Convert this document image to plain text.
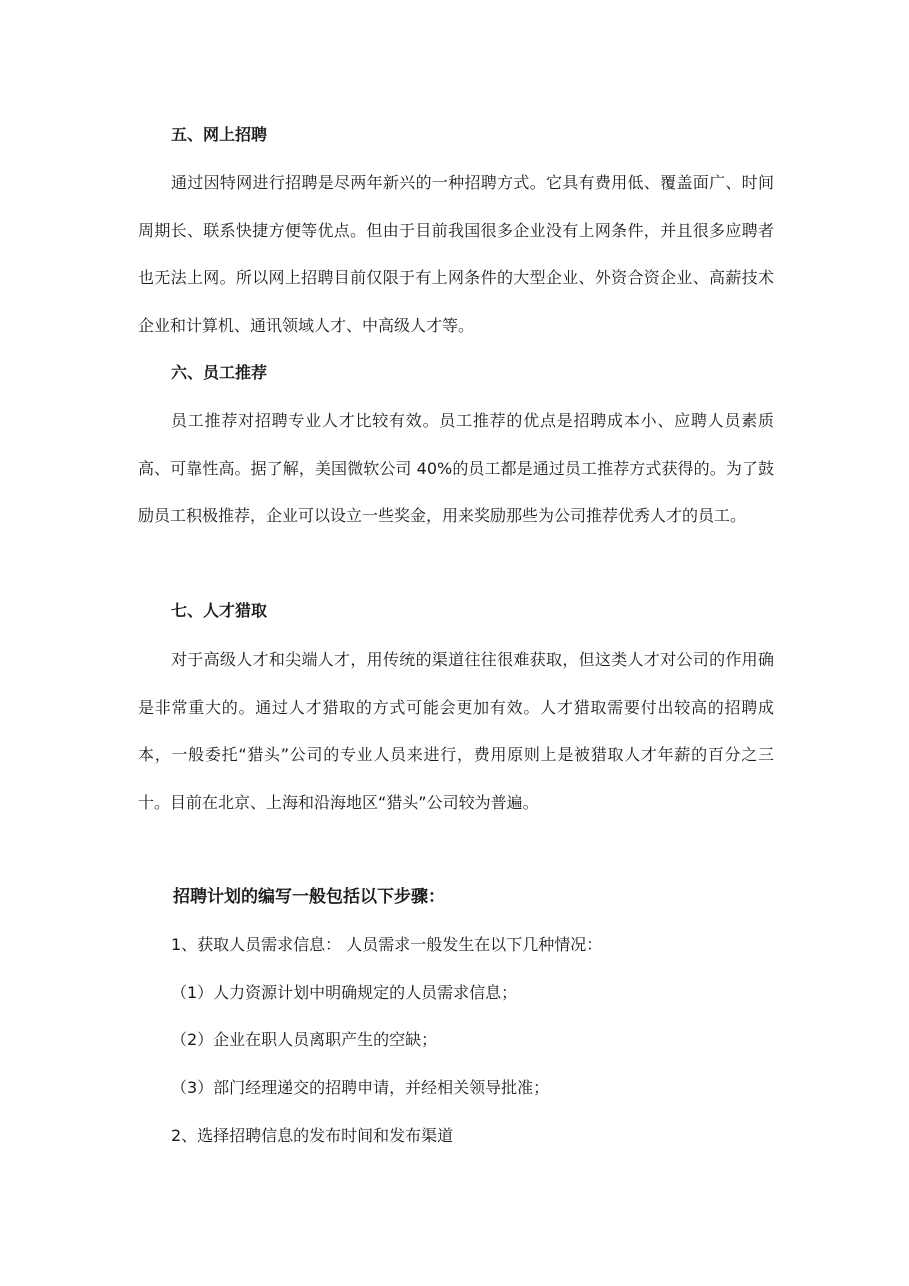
五、网上招聘

通过因特网进行招聘是尽两年新兴的一种招聘方式。它具有费用低、覆盖面广、时间周期长、联系快捷方便等优点。但由于目前我国很多企业没有上网条件，并且很多应聘者也无法上网。所以网上招聘目前仅限于有上网条件的大型企业、外资合资企业、高薪技术企业和计算机、通讯领域人才、中高级人才等。

六、员工推荐

员工推荐对招聘专业人才比较有效。员工推荐的优点是招聘成本小、应聘人员素质高、可靠性高。据了解，美国微软公司 40%的员工都是通过员工推荐方式获得的。为了鼓励员工积极推荐，企业可以设立一些奖金，用来奖励那些为公司推荐优秀人才的员工。

七、人才猎取

对于高级人才和尖端人才，用传统的渠道往往很难获取，但这类人才对公司的作用确是非常重大的。通过人才猎取的方式可能会更加有效。人才猎取需要付出较高的招聘成本，一般委托“猎头”公司的专业人员来进行，费用原则上是被猎取人才年薪的百分之三十。目前在北京、上海和沿海地区“猎头”公司较为普遍。

招聘计划的编写一般包括以下步骤：
1、获取人员需求信息： 人员需求一般发生在以下几种情况：
（1）人力资源计划中明确规定的人员需求信息；
（2）企业在职人员离职产生的空缺；
（3）部门经理递交的招聘申请，并经相关领导批准；
2、选择招聘信息的发布时间和发布渠道
